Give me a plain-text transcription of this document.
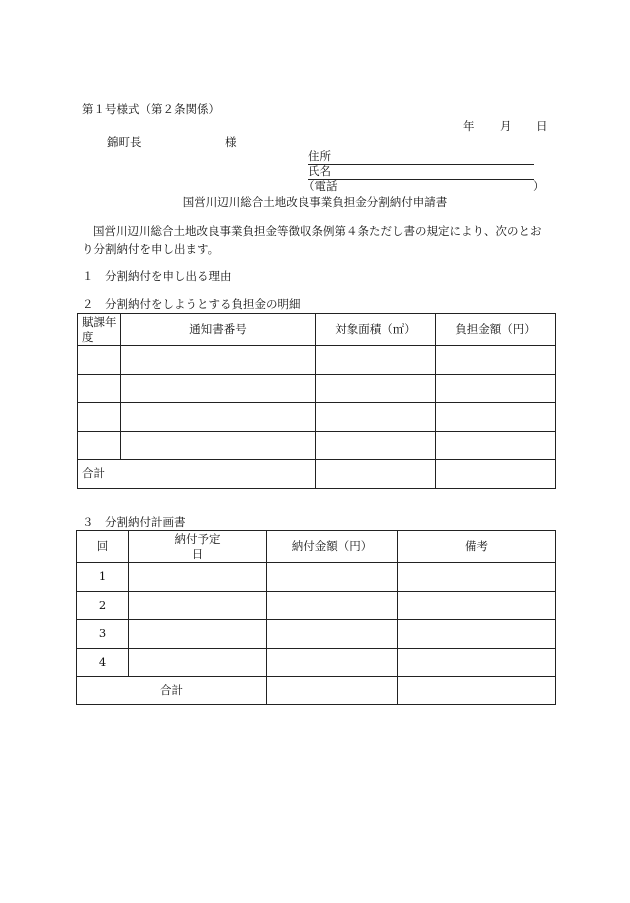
第１号様式（第２条関係）
年 月 日
錦町長	様
住所
氏名
（電話	）
国営川辺川総合土地改良事業負担金分割納付申請書
国営川辺川総合土地改良事業負担金等徴収条例第４条ただし書の規定により、次のとおり分割納付を申し出ます。
１　分割納付を申し出る理由
２　分割納付をしようとする負担金の明細
賦課年度	通知書番号	対象面積（㎡）	負担金額（円）

合計			
３　分割納付計画書
回	納付予定日	納付金額（円）	備考
1			
2			
3			
4			
合計			
